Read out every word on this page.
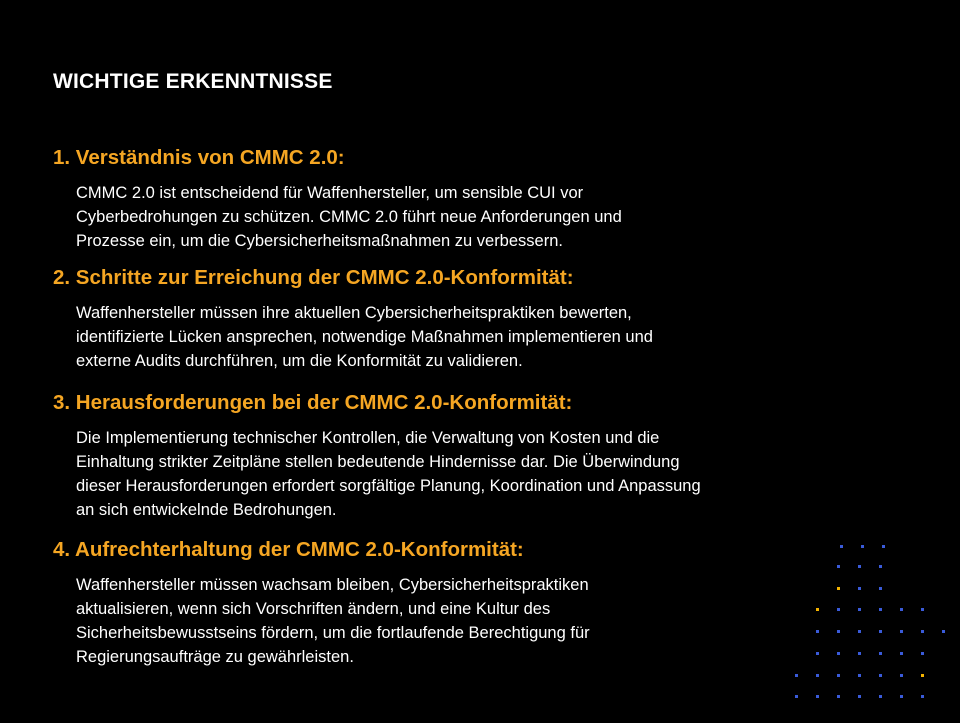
WICHTIGE ERKENNTNISSE
1. Verständnis von CMMC 2.0:

CMMC 2.0 ist entscheidend für Waffenhersteller, um sensible CUI vor
Cyberbedrohungen zu schützen. CMMC 2.0 führt neue Anforderungen und
Prozesse ein, um die Cybersicherheitsmaßnahmen zu verbessern.

2. Schritte zur Erreichung der CMMC 2.0-Konformität:

Waffenhersteller müssen ihre aktuellen Cybersicherheitspraktiken bewerten,
identifizierte Lücken ansprechen, notwendige Maßnahmen implementieren und
externe Audits durchführen, um die Konformität zu validieren.

3. Herausforderungen bei der CMMC 2.0-Konformität:

Die Implementierung technischer Kontrollen, die Verwaltung von Kosten und die
Einhaltung strikter Zeitpläne stellen bedeutende Hindernisse dar. Die Überwindung
dieser Herausforderungen erfordert sorgfältige Planung, Koordination und Anpassung
an sich entwickelnde Bedrohungen.

4. Aufrechterhaltung der CMMC 2.0-Konformität:

Waffenhersteller müssen wachsam bleiben, Cybersicherheitspraktiken
aktualisieren, wenn sich Vorschriften ändern, und eine Kultur des
Sicherheitsbewusstseins fördern, um die fortlaufende Berechtigung für
Regierungsaufträge zu gewährleisten.
